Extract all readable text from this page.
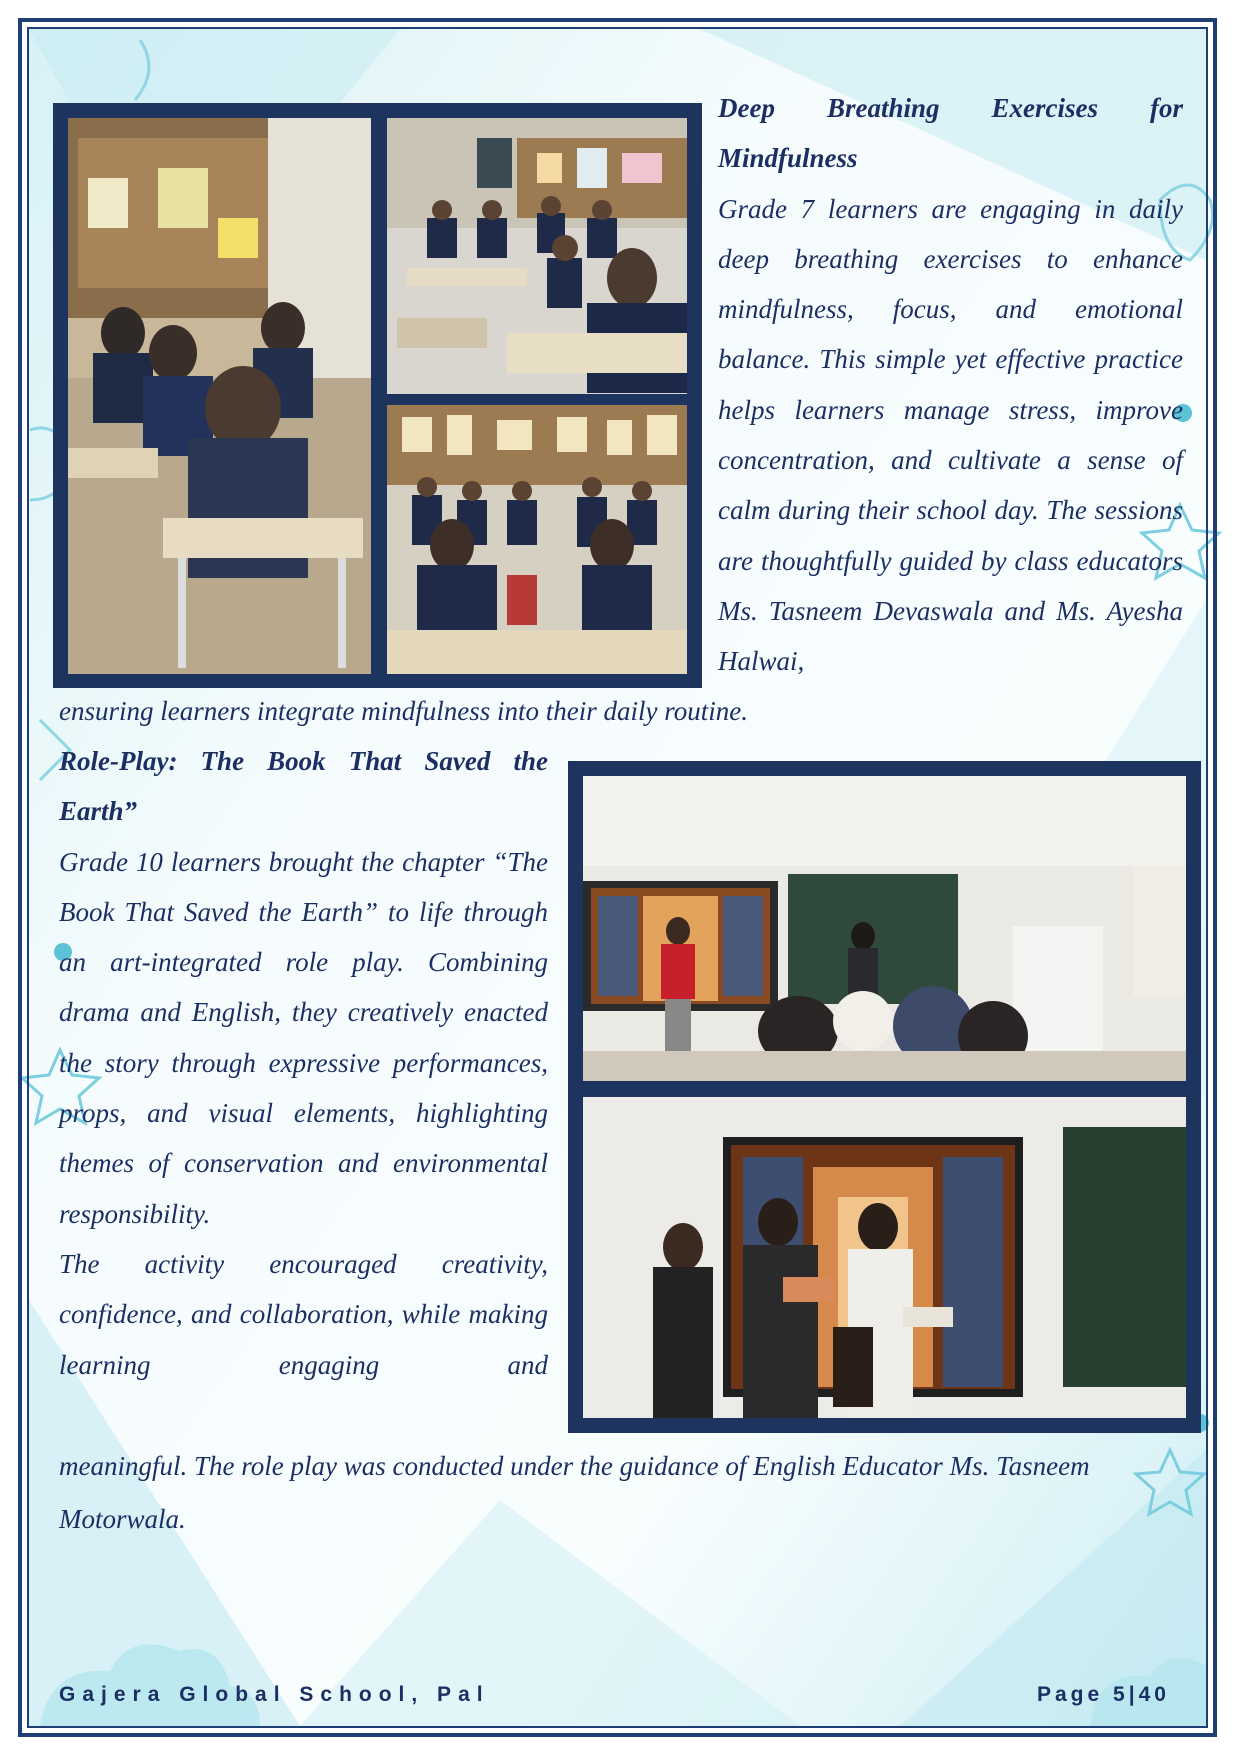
Deep Breathing Exercises for
Mindfulness
Grade 7 learners are engaging in daily deep breathing exercises to enhance mindfulness, focus, and emotional balance. This simple yet effective practice helps learners manage stress, improve concentration, and cultivate a sense of calm during their school day. The sessions are thoughtfully guided by class educators Ms. Tasneem Devaswala and Ms. Ayesha Halwai,
ensuring learners integrate mindfulness into their daily routine.
Role-Play: The Book That Saved the
Earth”
Grade 10 learners brought the chapter “The Book That Saved the Earth” to life through an art-integrated role play. Combining drama and English, they creatively enacted the story through expressive performances, props, and visual elements, highlighting themes of conservation and environmental responsibility.
The activity encouraged creativity, confidence, and collaboration, while making learning engaging and
meaningful. The role play was conducted under the guidance of English Educator Ms. Tasneem
Motorwala.
Gajera Global School, Pal	Page 5|40
